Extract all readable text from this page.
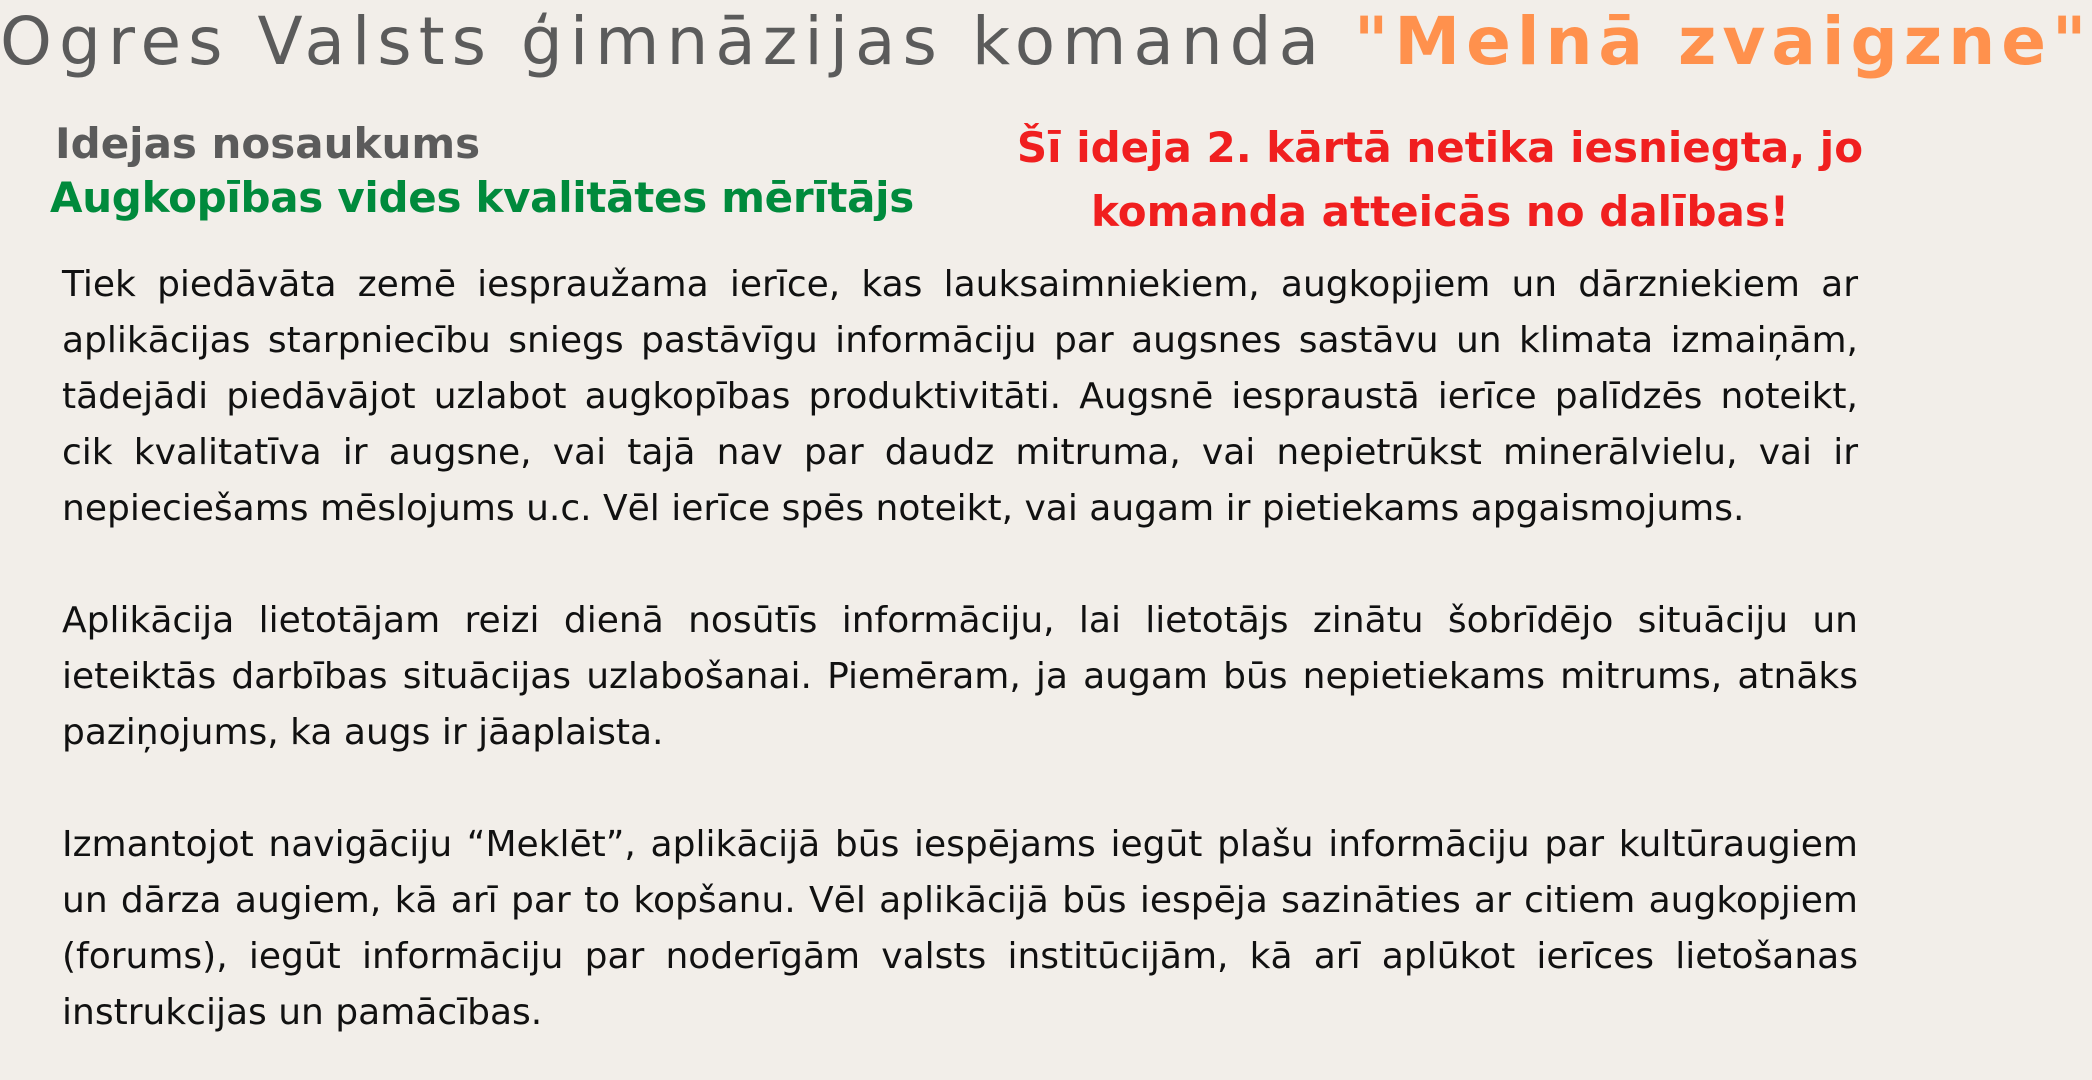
Ogres Valsts ģimnāzijas komanda "Melnā zvaigzne"
Idejas nosaukums
Augkopības vides kvalitātes mērītājs
Šī ideja 2. kārtā netika iesniegta, jo
komanda atteicās no dalības!

Tiek piedāvāta zemē iespraužama ierīce, kas lauksaimniekiem, augkopjiem un dārzniekiem ar aplikācijas starpniecību sniegs pastāvīgu informāciju par augsnes sastāvu un klimata izmaiņām, tādejādi piedāvājot uzlabot augkopības produktivitāti. Augsnē iespraustā ierīce palīdzēs noteikt, cik kvalitatīva ir augsne, vai tajā nav par daudz mitruma, vai nepietrūkst minerālvielu, vai ir nepieciešams mēslojums u.c. Vēl ierīce spēs noteikt, vai augam ir pietiekams apgaismojums.

Aplikācija lietotājam reizi dienā nosūtīs informāciju, lai lietotājs zinātu šobrīdējo situāciju un ieteiktās darbības situācijas uzlabošanai. Piemēram, ja augam būs nepietiekams mitrums, atnāks paziņojums, ka augs ir jāaplaista.

Izmantojot navigāciju “Meklēt”, aplikācijā būs iespējams iegūt plašu informāciju par kultūraugiem un dārza augiem, kā arī par to kopšanu. Vēl aplikācijā būs iespēja sazināties ar citiem augkopjiem (forums), iegūt informāciju par noderīgām valsts institūcijām, kā arī aplūkot ierīces lietošanas instrukcijas un pamācības.
